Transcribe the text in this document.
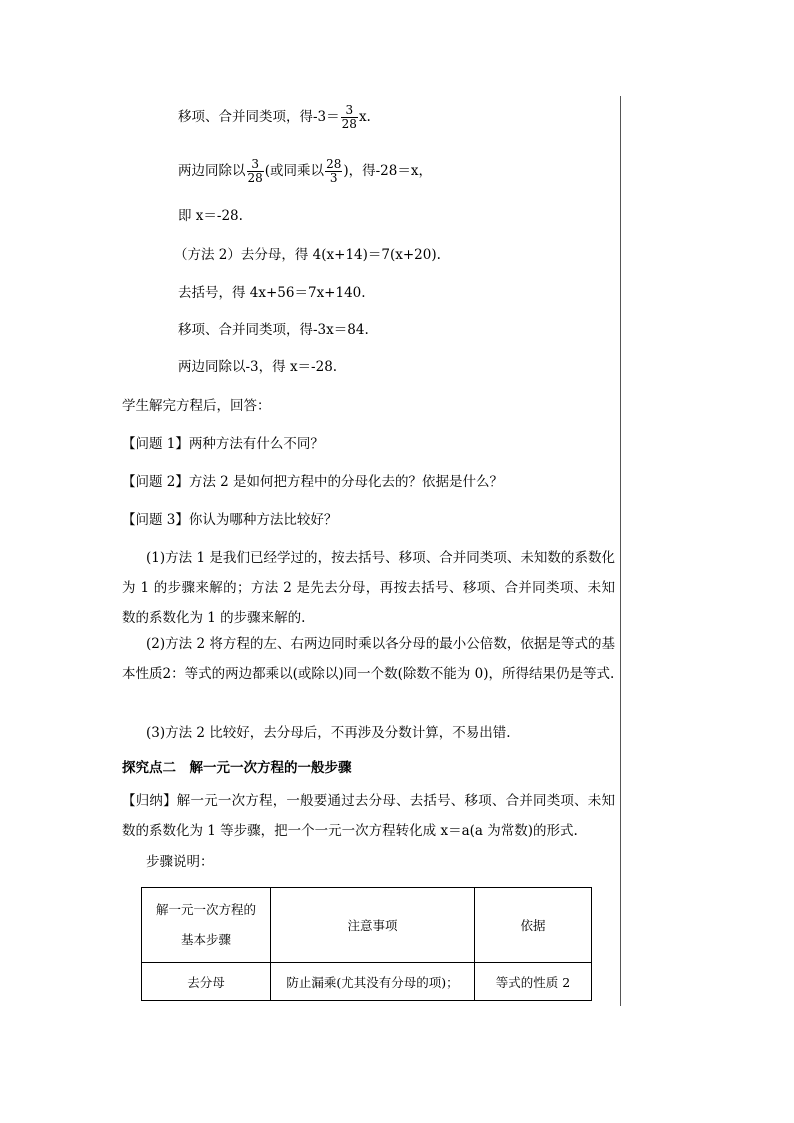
移项、合并同类项，得$-3= \frac{3}{28} x$.
两边同除以 $\frac{3}{28}$ (或同乘以 $\frac{28}{3}$ )，得-28＝x，
即 x＝-28.
（方法 2）去分母，得 4(x+14)＝7(x+20).
去括号，得 4x+56＝7x+140.
移项、合并同类项，得-3x＝84.
两边同除以-3，得 x＝-28.
学生解完方程后，回答：
【问题 1】两种方法有什么不同？
【问题 2】方法 2 是如何把方程中的分母化去的？依据是什么？
【问题 3】你认为哪种方法比较好？
(1)方法 1 是我们已经学过的，按去括号、移项、合并同类项、未知数的系数化为 1 的步骤来解的；方法 2 是先去分母，再按去括号、移项、合并同类项、未知数的系数化为 1 的步骤来解的.
(2)方法 2 将方程的左、右两边同时乘以各分母的最小公倍数，依据是等式的基本性质2：等式的两边都乘以(或除以)同一个数(除数不能为 0)，所得结果仍是等式.
(3)方法 2 比较好，去分母后，不再涉及分数计算，不易出错.
探究点二　解一元一次方程的一般步骤
【归纳】解一元一次方程，一般要通过去分母、去括号、移项、合并同类项、未知数的系数化为 1 等步骤，把一个一元一次方程转化成 x＝a(a 为常数)的形式.
步骤说明：
解一元一次方程的
基本步骤	注意事项	依据
去分母	防止漏乘(尤其没有分母的项)；	等式的性质 2
